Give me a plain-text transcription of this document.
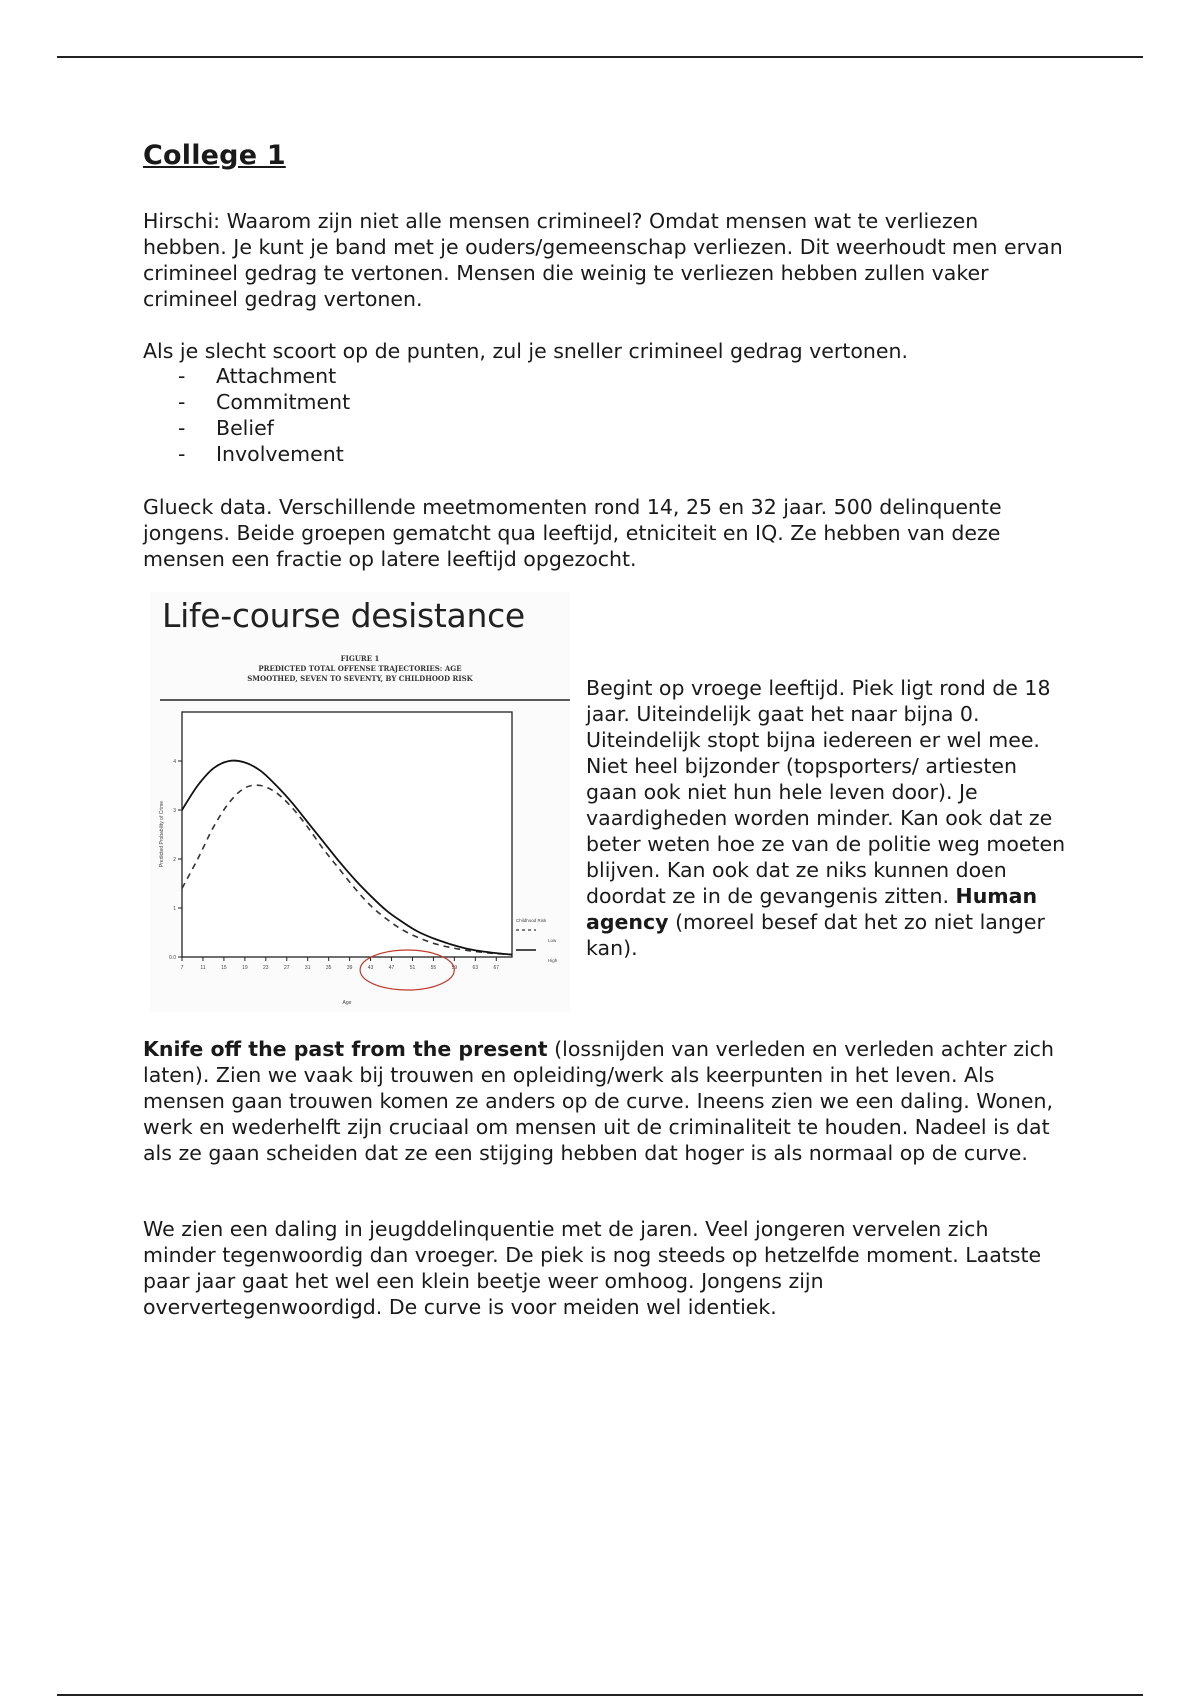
College 1

Hirschi: Waarom zijn niet alle mensen crimineel? Omdat mensen wat te verliezen hebben. Je kunt je band met je ouders/gemeenschap verliezen. Dit weerhoudt men ervan crimineel gedrag te vertonen. Mensen die weinig te verliezen hebben zullen vaker crimineel gedrag vertonen.

Als je slecht scoort op de punten, zul je sneller crimineel gedrag vertonen.

- Attachment
- Commitment
- Belief
- Involvement

Glueck data. Verschillende meetmomenten rond 14, 25 en 32 jaar. 500 delinquente jongens. Beide groepen gematcht qua leeftijd, etniciteit en IQ. Ze hebben van deze mensen een fractie op latere leeftijd opgezocht.

Life-course desistance
FIGURE 1
PREDICTED TOTAL OFFENSE TRAJECTORIES: AGE
SMOOTHED, SEVEN TO SEVENTY, BY CHILDHOOD RISK
0.0
1
2
3
4
7	11	15	19	23	27	31	35	39	43	47	51	55	59	63	67
Predicted Probability of Crime
Age
Childhood Risk
Low
High

Begint op vroege leeftijd. Piek ligt rond de 18 jaar. Uiteindelijk gaat het naar bijna 0. Uiteindelijk stopt bijna iedereen er wel mee. Niet heel bijzonder (topsporters/ artiesten gaan ook niet hun hele leven door). Je vaardigheden worden minder. Kan ook dat ze beter weten hoe ze van de politie weg moeten blijven. Kan ook dat ze niks kunnen doen doordat ze in de gevangenis zitten. Human agency (moreel besef dat het zo niet langer kan).

Knife off the past from the present (lossnijden van verleden en verleden achter zich laten). Zien we vaak bij trouwen en opleiding/werk als keerpunten in het leven. Als mensen gaan trouwen komen ze anders op de curve. Ineens zien we een daling. Wonen, werk en wederhelft zijn cruciaal om mensen uit de criminaliteit te houden. Nadeel is dat als ze gaan scheiden dat ze een stijging hebben dat hoger is als normaal op de curve.

We zien een daling in jeugddelinquentie met de jaren. Veel jongeren vervelen zich minder tegenwoordig dan vroeger. De piek is nog steeds op hetzelfde moment. Laatste paar jaar gaat het wel een klein beetje weer omhoog. Jongens zijn oververtegenwoordigd. De curve is voor meiden wel identiek.
